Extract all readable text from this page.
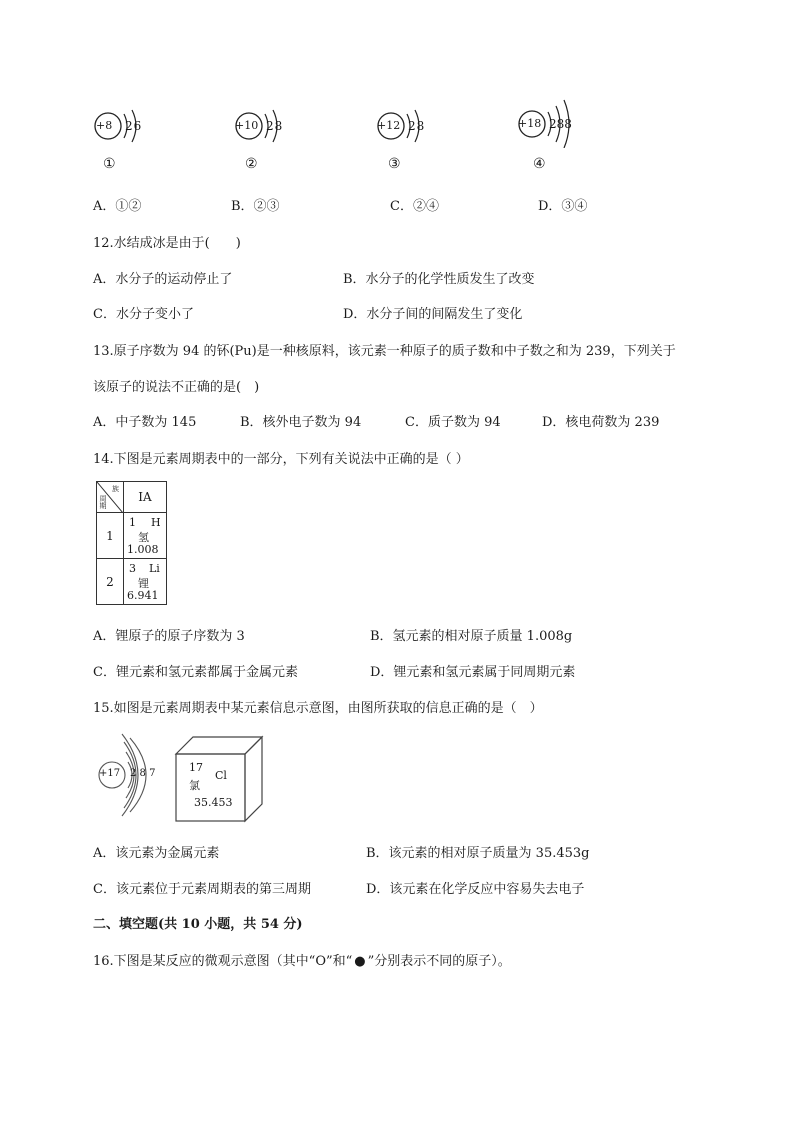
+8 26
①
+10 28
②
+12 28
③
+18 288
④
A．①②	B．②③	C．②④	D．③④
12.水结成冰是由于(　　)
A．水分子的运动停止了	B．水分子的化学性质发生了改变
C．水分子变小了	D．水分子间的间隔发生了变化
13.原子序数为 94 的钚(Pu)是一种核原料，该元素一种原子的质子数和中子数之和为 239，下列关于
该原子的说法不正确的是(　)
A．中子数为 145	B．核外电子数为 94	C．质子数为 94	D．核电荷数为 239
14.下图是元素周期表中的一部分，下列有关说法中正确的是（ ）
族
周期	IA
1	1 H
氢
1.008

2	3 Li
锂
6.941
A．锂原子的原子序数为 3	B．氢元素的相对原子质量 1.008g
C．锂元素和氢元素都属于金属元素	D．锂元素和氢元素属于同周期元素
15.如图是元素周期表中某元素信息示意图，由图所获取的信息正确的是（　）
+17 2 8 7	17
Cl
氯
35.453
A．该元素为金属元素	B．该元素的相对原子质量为 35.453g
C．该元素位于元素周期表的第三周期	D．该元素在化学反应中容易失去电子
二、填空题(共 10 小题，共 54 分)
16.下图是某反应的微观示意图（其中“O”和“ ● ”分别表示不同的原子）。
